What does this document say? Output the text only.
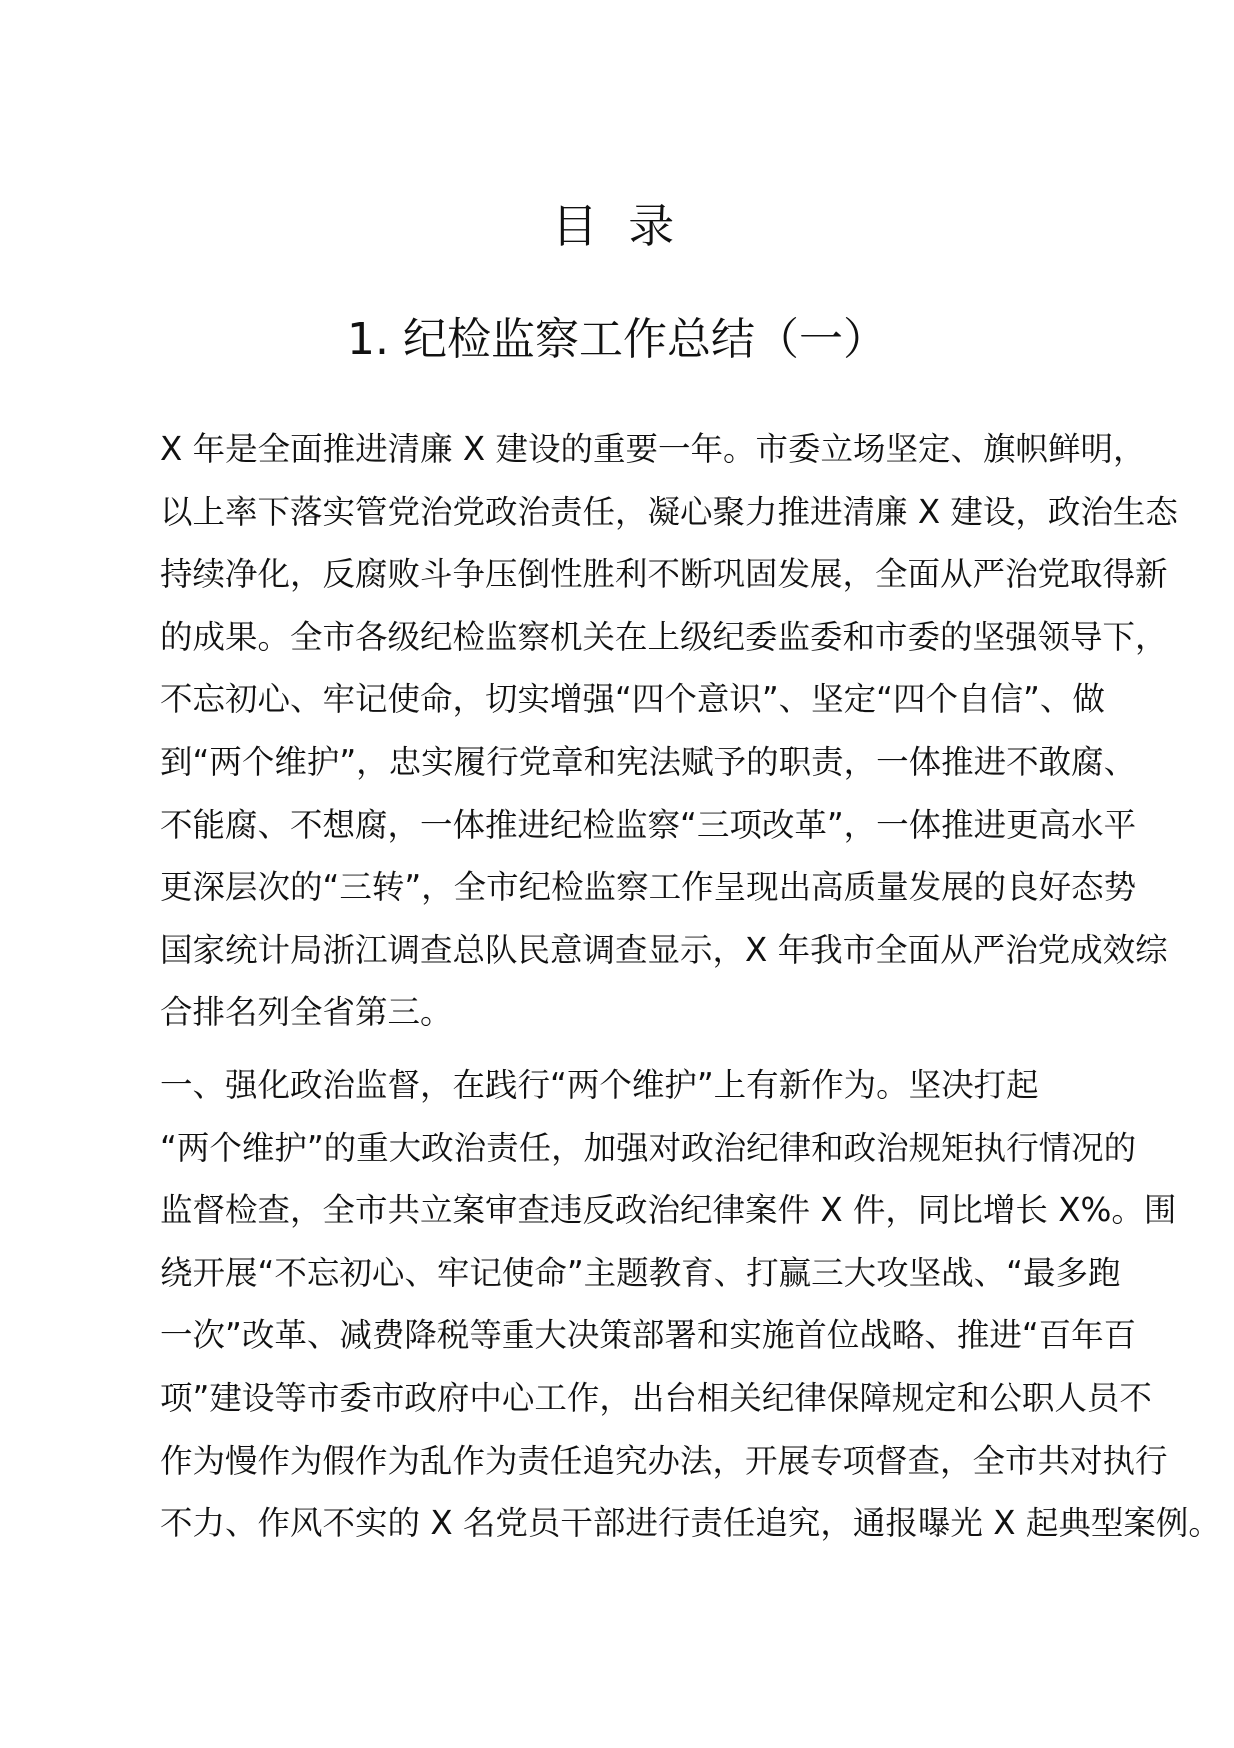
目 录
1. 纪检监察工作总结（一）

X 年是全面推进清廉 X 建设的重要一年。市委立场坚定、旗帜鲜明，
以上率下落实管党治党政治责任，凝心聚力推进清廉 X 建设，政治生态
持续净化，反腐败斗争压倒性胜利不断巩固发展，全面从严治党取得新
的成果。全市各级纪检监察机关在上级纪委监委和市委的坚强领导下，
不忘初心、牢记使命，切实增强“四个意识”、坚定“四个自信”、做
到“两个维护”，忠实履行党章和宪法赋予的职责，一体推进不敢腐、
不能腐、不想腐，一体推进纪检监察“三项改革”，一体推进更高水平
更深层次的“三转”，全市纪检监察工作呈现出高质量发展的良好态势
国家统计局浙江调查总队民意调查显示，X 年我市全面从严治党成效综
合排名列全省第三。

一、强化政治监督，在践行“两个维护”上有新作为。坚决打起
“两个维护”的重大政治责任，加强对政治纪律和政治规矩执行情况的
监督检查，全市共立案审查违反政治纪律案件 X 件，同比增长 X%。围
绕开展“不忘初心、牢记使命”主题教育、打赢三大攻坚战、“最多跑
一次”改革、减费降税等重大决策部署和实施首位战略、推进“百年百
项”建设等市委市政府中心工作，出台相关纪律保障规定和公职人员不
作为慢作为假作为乱作为责任追究办法，开展专项督查，全市共对执行
不力、作风不实的 X 名党员干部进行责任追究，通报曝光 X 起典型案例。
